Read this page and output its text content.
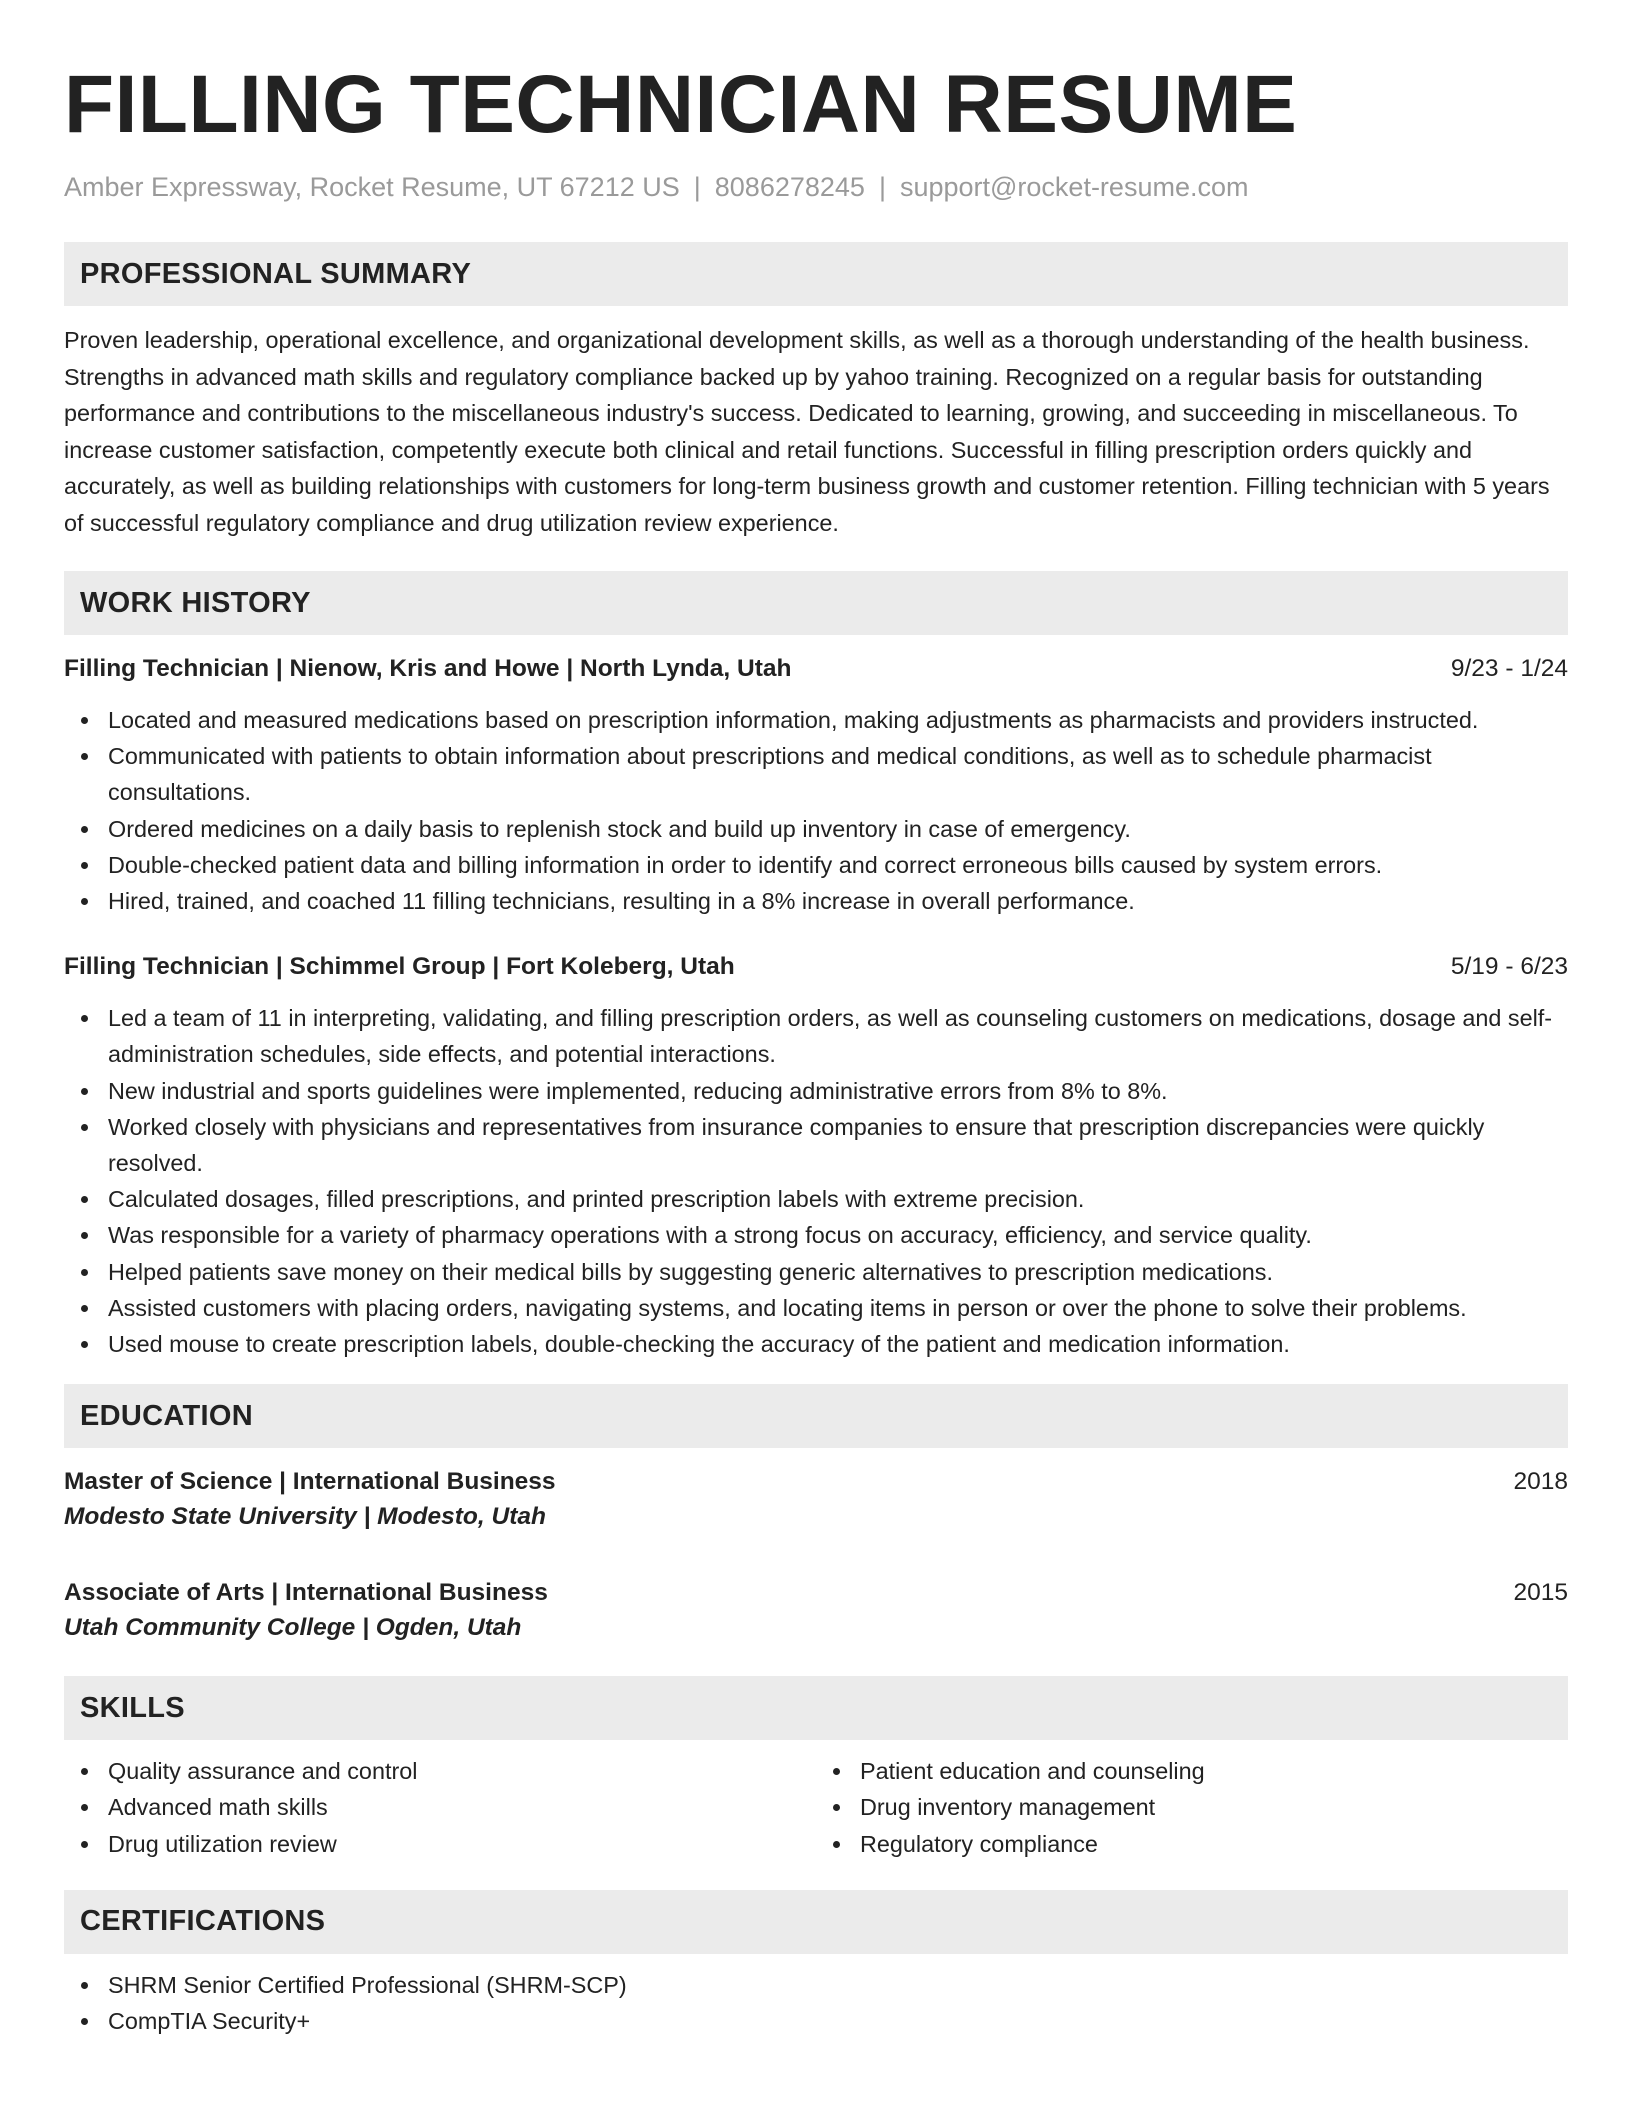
FILLING TECHNICIAN RESUME
Amber Expressway, Rocket Resume, UT 67212 US | 8086278245 | support@rocket-resume.com
PROFESSIONAL SUMMARY

Proven leadership, operational excellence, and organizational development skills, as well as a thorough understanding of the health business. Strengths in advanced math skills and regulatory compliance backed up by yahoo training. Recognized on a regular basis for outstanding performance and contributions to the miscellaneous industry's success. Dedicated to learning, growing, and succeeding in miscellaneous. To increase customer satisfaction, competently execute both clinical and retail functions. Successful in filling prescription orders quickly and accurately, as well as building relationships with customers for long-term business growth and customer retention. Filling technician with 5 years of successful regulatory compliance and drug utilization review experience.

WORK HISTORY
Filling Technician | Nienow, Kris and Howe | North Lynda, Utah	9/23 - 1/24
Located and measured medications based on prescription information, making adjustments as pharmacists and providers instructed.
Communicated with patients to obtain information about prescriptions and medical conditions, as well as to schedule pharmacist consultations.
Ordered medicines on a daily basis to replenish stock and build up inventory in case of emergency.
Double-checked patient data and billing information in order to identify and correct erroneous bills caused by system errors.
Hired, trained, and coached 11 filling technicians, resulting in a 8% increase in overall performance.
Filling Technician | Schimmel Group | Fort Koleberg, Utah	5/19 - 6/23
Led a team of 11 in interpreting, validating, and filling prescription orders, as well as counseling customers on medications, dosage and self-administration schedules, side effects, and potential interactions.
New industrial and sports guidelines were implemented, reducing administrative errors from 8% to 8%.
Worked closely with physicians and representatives from insurance companies to ensure that prescription discrepancies were quickly resolved.
Calculated dosages, filled prescriptions, and printed prescription labels with extreme precision.
Was responsible for a variety of pharmacy operations with a strong focus on accuracy, efficiency, and service quality.
Helped patients save money on their medical bills by suggesting generic alternatives to prescription medications.
Assisted customers with placing orders, navigating systems, and locating items in person or over the phone to solve their problems.
Used mouse to create prescription labels, double-checking the accuracy of the patient and medication information.
EDUCATION
Master of Science | International Business	2018
Modesto State University | Modesto, Utah
Associate of Arts | International Business	2015
Utah Community College | Ogden, Utah
SKILLS
Quality assurance and control
Advanced math skills
Drug utilization review
Patient education and counseling
Drug inventory management
Regulatory compliance
CERTIFICATIONS
SHRM Senior Certified Professional (SHRM-SCP)
CompTIA Security+
